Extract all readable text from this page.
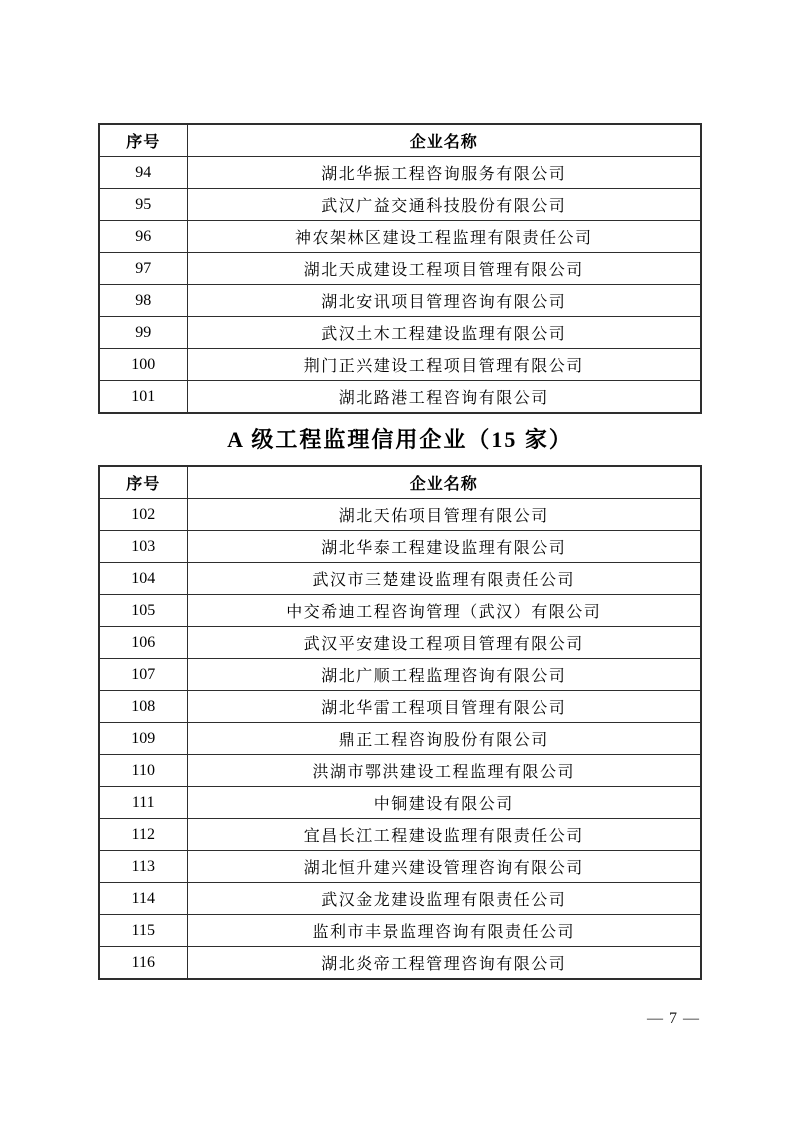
序号	企业名称
94	湖北华振工程咨询服务有限公司
95	武汉广益交通科技股份有限公司
96	神农架林区建设工程监理有限责任公司
97	湖北天成建设工程项目管理有限公司
98	湖北安讯项目管理咨询有限公司
99	武汉土木工程建设监理有限公司
100	荆门正兴建设工程项目管理有限公司
101	湖北路港工程咨询有限公司
A 级工程监理信用企业（15 家）
序号	企业名称
102	湖北天佑项目管理有限公司
103	湖北华泰工程建设监理有限公司
104	武汉市三楚建设监理有限责任公司
105	中交希迪工程咨询管理（武汉）有限公司
106	武汉平安建设工程项目管理有限公司
107	湖北广顺工程监理咨询有限公司
108	湖北华雷工程项目管理有限公司
109	鼎正工程咨询股份有限公司
110	洪湖市鄂洪建设工程监理有限公司
111	中铜建设有限公司
112	宜昌长江工程建设监理有限责任公司
113	湖北恒升建兴建设管理咨询有限公司
114	武汉金龙建设监理有限责任公司
115	监利市丰景监理咨询有限责任公司
116	湖北炎帝工程管理咨询有限公司
— 7 —
